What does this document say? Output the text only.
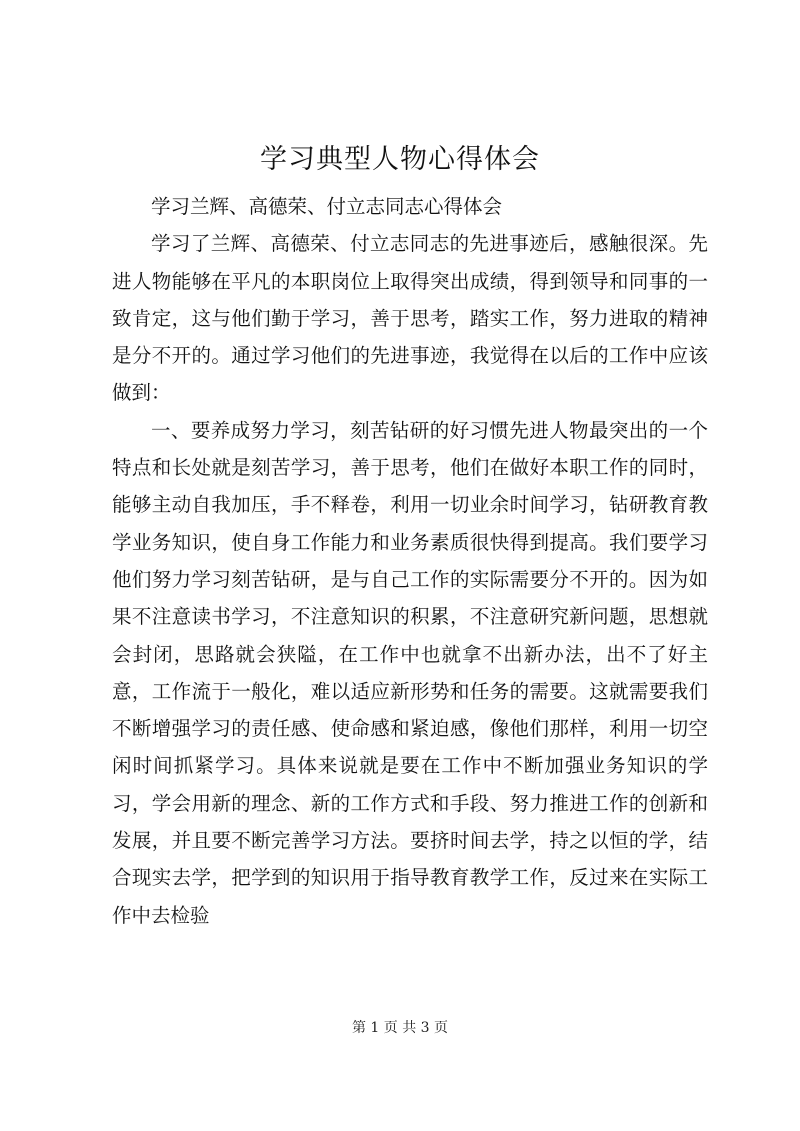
学习典型人物心得体会

学习兰辉、高德荣、付立志同志心得体会

学习了兰辉、高德荣、付立志同志的先进事迹后，感触很深。先进人物能够在平凡的本职岗位上取得突出成绩，得到领导和同事的一致肯定，这与他们勤于学习，善于思考，踏实工作，努力进取的精神是分不开的。通过学习他们的先进事迹，我觉得在以后的工作中应该做到：

一、要养成努力学习，刻苦钻研的好习惯先进人物最突出的一个特点和长处就是刻苦学习，善于思考，他们在做好本职工作的同时，能够主动自我加压，手不释卷，利用一切业余时间学习，钻研教育教学业务知识，使自身工作能力和业务素质很快得到提高。我们要学习他们努力学习刻苦钻研，是与自己工作的实际需要分不开的。因为如果不注意读书学习，不注意知识的积累，不注意研究新问题，思想就会封闭，思路就会狭隘，在工作中也就拿不出新办法，出不了好主意，工作流于一般化，难以适应新形势和任务的需要。这就需要我们不断增强学习的责任感、使命感和紧迫感，像他们那样，利用一切空闲时间抓紧学习。具体来说就是要在工作中不断加强业务知识的学习，学会用新的理念、新的工作方式和手段、努力推进工作的创新和发展，并且要不断完善学习方法。要挤时间去学，持之以恒的学，结合现实去学，把学到的知识用于指导教育教学工作，反过来在实际工作中去检验

第 1 页 共 3 页
